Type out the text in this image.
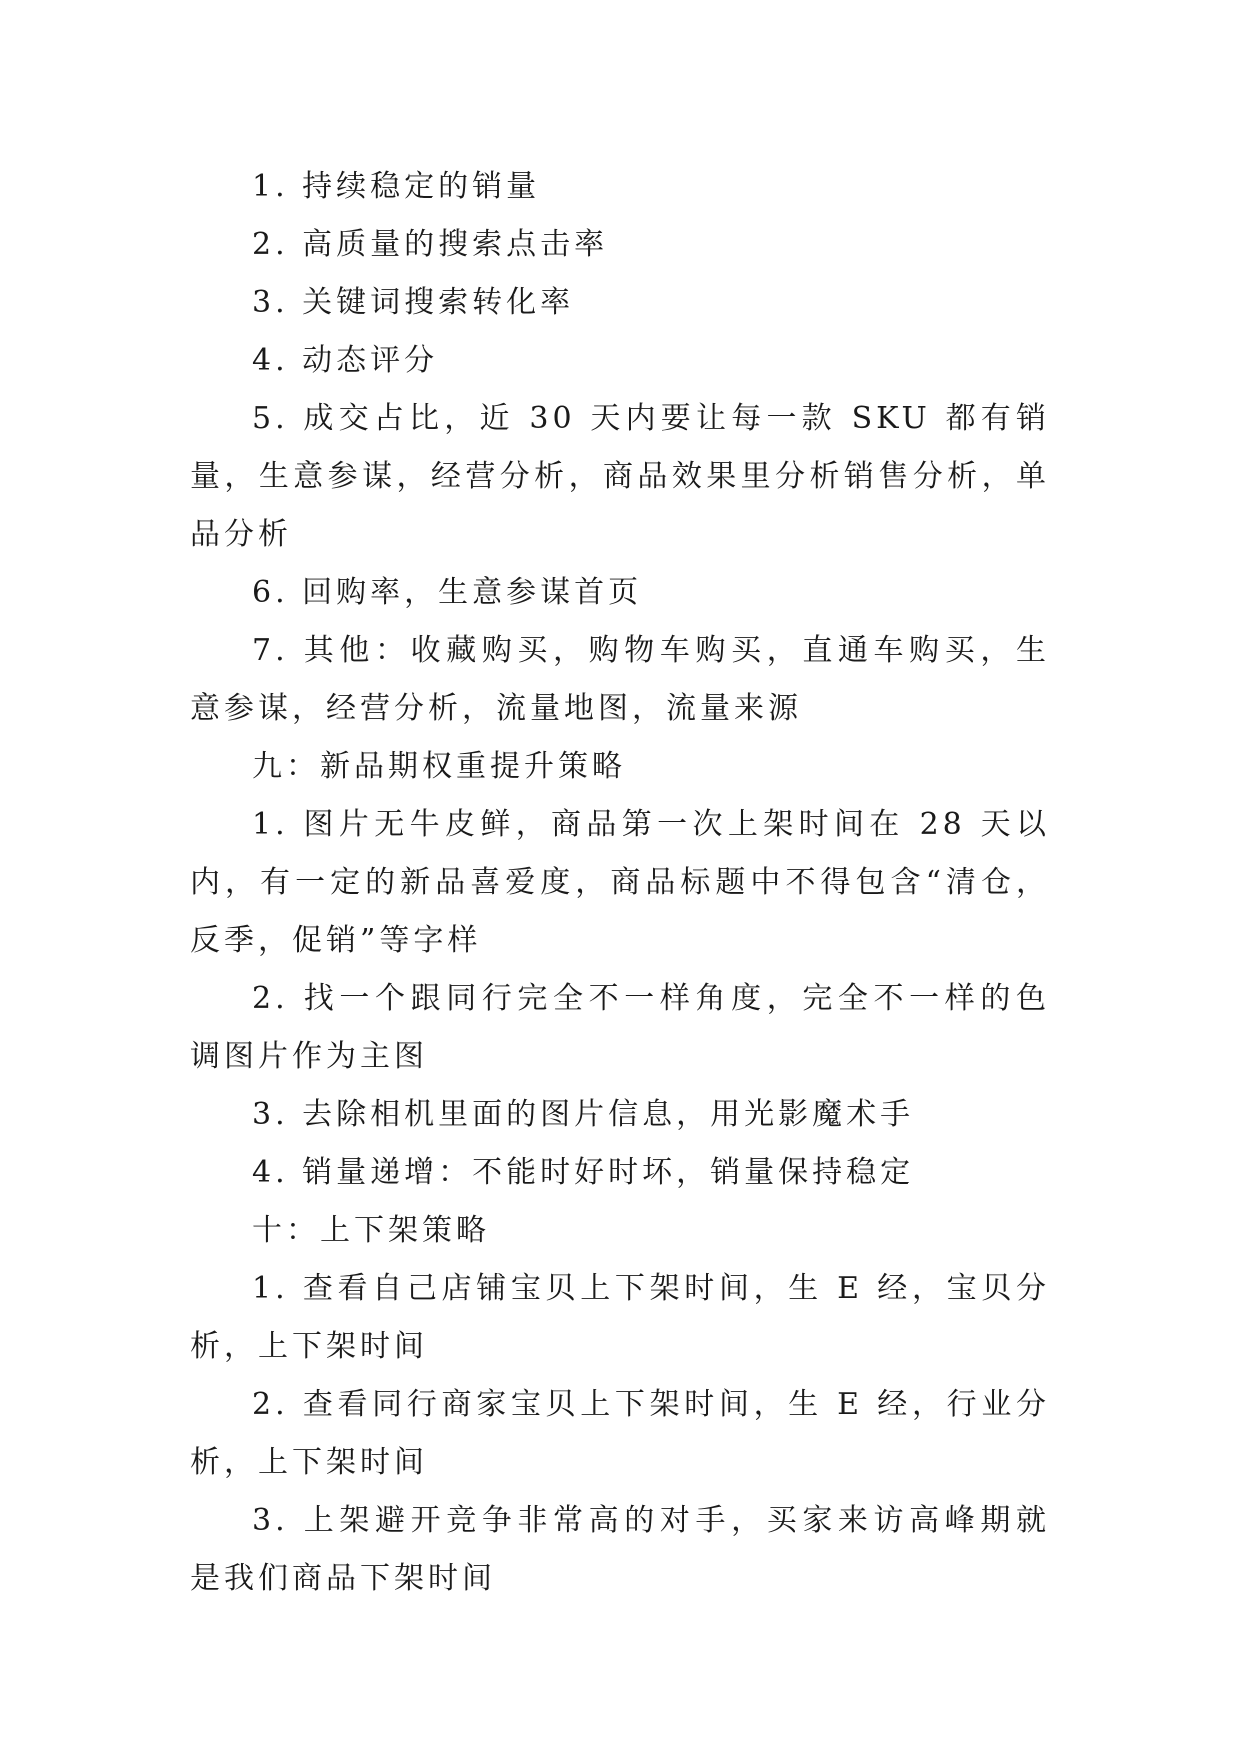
1. 持续稳定的销量

2. 高质量的搜索点击率

3. 关键词搜索转化率

4. 动态评分

5. 成交占比，近 30 天内要让每一款 SKU 都有销量，生意参谋，经营分析，商品效果里分析销售分析，单品分析

6. 回购率，生意参谋首页

7. 其他：收藏购买，购物车购买，直通车购买，生意参谋，经营分析，流量地图，流量来源

九：新品期权重提升策略

1. 图片无牛皮鲜，商品第一次上架时间在 28 天以内，有一定的新品喜爱度，商品标题中不得包含“清仓，反季，促销”等字样

2. 找一个跟同行完全不一样角度，完全不一样的色调图片作为主图

3. 去除相机里面的图片信息，用光影魔术手

4. 销量递增：不能时好时坏，销量保持稳定

十：上下架策略

1. 查看自己店铺宝贝上下架时间，生 E 经，宝贝分析，上下架时间

2. 查看同行商家宝贝上下架时间，生 E 经，行业分析，上下架时间

3. 上架避开竞争非常高的对手，买家来访高峰期就是我们商品下架时间
